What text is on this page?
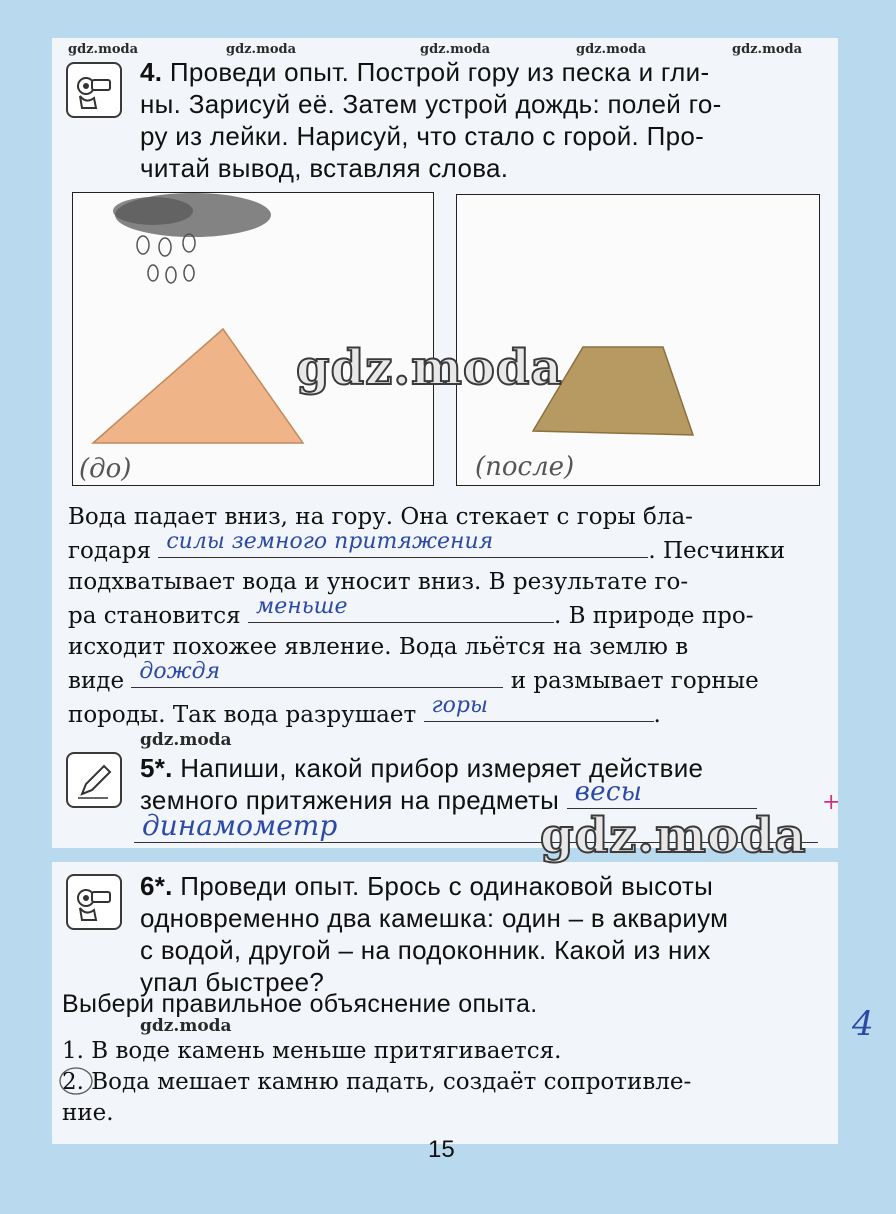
gdz.moda	gdz.moda	gdz.moda	gdz.moda	gdz.moda
4. Проведи опыт. Построй гору из песка и гли-
ны. Зарисуй её. Затем устрой дождь: полей го-
ру из лейки. Нарисуй, что стало с горой. Про-
читай вывод, вставляя слова.
(до)	(после)
gdz.moda
Вода падает вниз, на гору. Она стекает с горы бла-
годаря силы земного притяжения	. Песчинки
подхватывает вода и уносит вниз. В результате го-
ра становится меньше	. В природе про-
исходит похожее явление. Вода льётся на землю в
виде дождя	и размывает горные
породы. Так вода разрушает горы	.
gdz.moda
5*. Напиши, какой прибор измеряет действие
земного притяжения на предметы весы
динамометр
+
gdz.moda
6*. Проведи опыт. Брось с одинаковой высоты
одновременно два камешка: один – в аквариум
с водой, другой – на подоконник. Какой из них
упал быстрее?
Выбери правильное объяснение опыта.
gdz.moda
1. В воде камень меньше притягивается.
2. Вода мешает камню падать, создаёт сопротивле-
ние.
4
15
